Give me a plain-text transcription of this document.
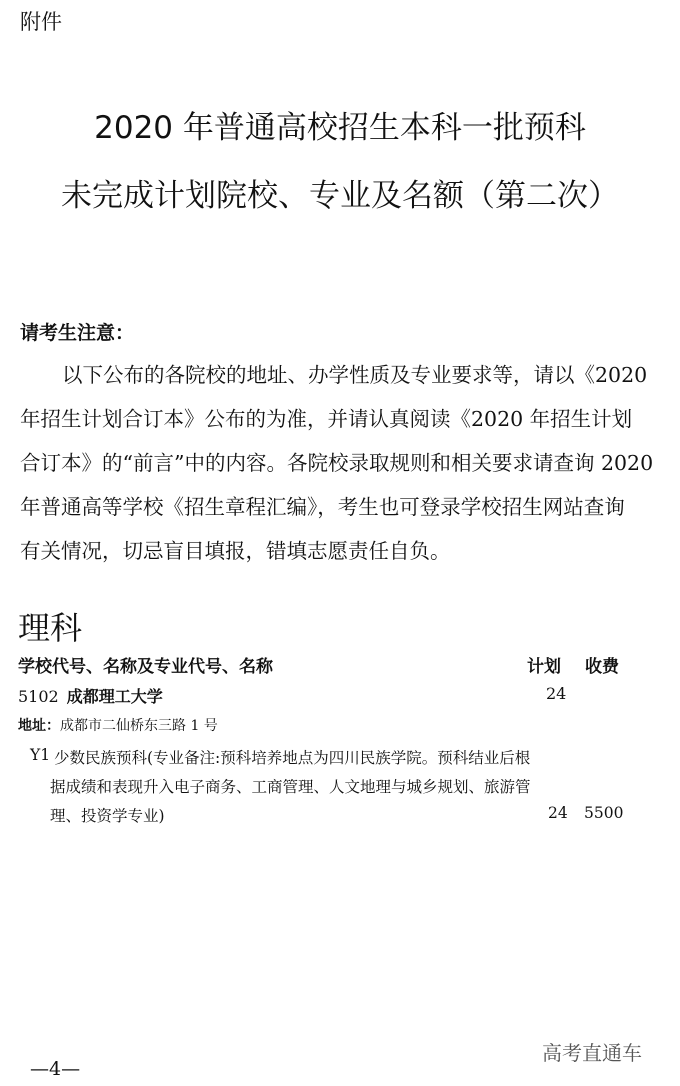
附件
2020 年普通高校招生本科一批预科
未完成计划院校、专业及名额（第二次）
请考生注意：
以下公布的各院校的地址、办学性质及专业要求等，请以《2020
年招生计划合订本》公布的为准，并请认真阅读《2020 年招生计划
合订本》的“前言”中的内容。各院校录取规则和相关要求请查询 2020
年普通高等学校《招生章程汇编》，考生也可登录学校招生网站查询
有关情况，切忌盲目填报，错填志愿责任自负。
理科
学校代号、名称及专业代号、名称	计划 收费
5102 成都理工大学	24
地址：成都市二仙桥东三路 1 号
Y1 少数民族预科(专业备注:预科培养地点为四川民族学院。预科结业后根
据成绩和表现升入电子商务、工商管理、人文地理与城乡规划、旅游管
理、投资学专业)	24 5500
高考直通车
—4—
